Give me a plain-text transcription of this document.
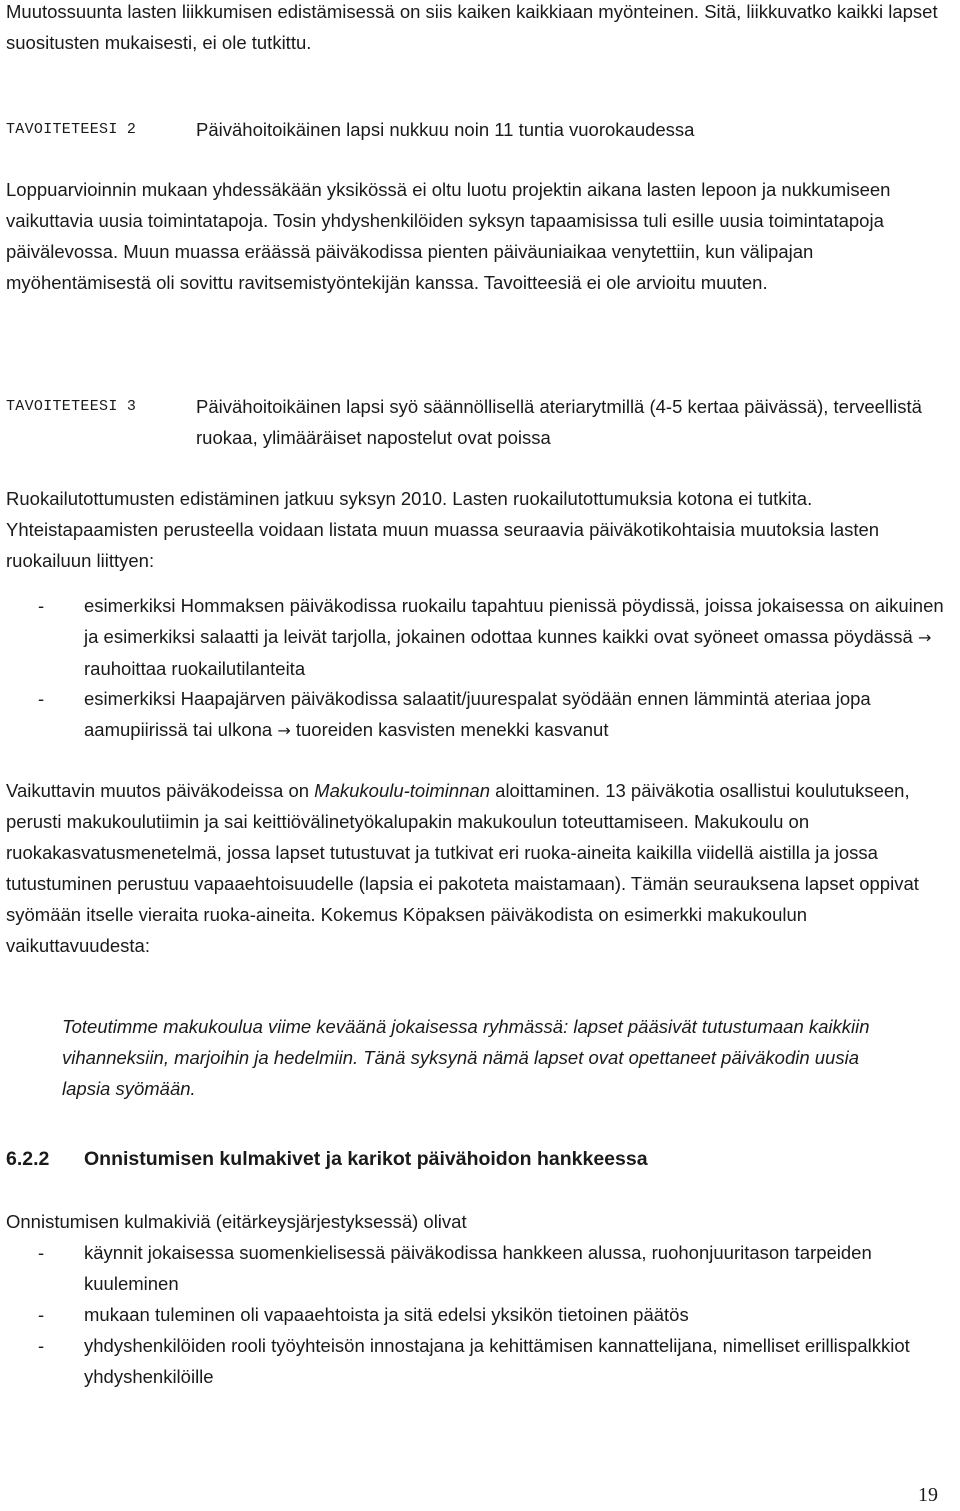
Muutossuunta lasten liikkumisen edistämisessä on siis kaiken kaikkiaan myönteinen. Sitä, liikkuvatko kaikki lapset suositusten mukaisesti, ei ole tutkittu.

TAVOITETEESI 2	Päivähoitoikäinen lapsi nukkuu noin 11 tuntia vuorokaudessa

Loppuarvioinnin mukaan yhdessäkään yksikössä ei oltu luotu projektin aikana lasten lepoon ja nukkumiseen vaikuttavia uusia toimintatapoja. Tosin yhdyshenkilöiden syksyn tapaamisissa tuli esille uusia toimintatapoja päivälevossa. Muun muassa eräässä päiväkodissa pienten päiväuniaikaa venytettiin, kun välipajan myöhentämisestä oli sovittu ravitsemistyöntekijän kanssa. Tavoitteesiä ei ole arvioitu muuten.

TAVOITETEESI 3	Päivähoitoikäinen lapsi syö säännöllisellä ateriarytmillä (4-5 kertaa päivässä), terveellistä ruokaa, ylimääräiset napostelut ovat poissa

Ruokailutottumusten edistäminen jatkuu syksyn 2010. Lasten ruokailutottumuksia kotona ei tutkita. Yhteistapaamisten perusteella voidaan listata muun muassa seuraavia päiväkotikohtaisia muutoksia lasten ruokailuun liittyen:

- esimerkiksi Hommaksen päiväkodissa ruokailu tapahtuu pienissä pöydissä, joissa jokaisessa on aikuinen ja esimerkiksi salaatti ja leivät tarjolla, jokainen odottaa kunnes kaikki ovat syöneet omassa pöydässä → rauhoittaa ruokailutilanteita
- esimerkiksi Haapajärven päiväkodissa salaatit/juurespalat syödään ennen lämmintä ateriaa jopa aamupiirissä tai ulkona → tuoreiden kasvisten menekki kasvanut

Vaikuttavin muutos päiväkodeissa on Makukoulu-toiminnan aloittaminen. 13 päiväkotia osallistui koulutukseen, perusti makukoulutiimin ja sai keittiövälinetyökalupakin makukoulun toteuttamiseen. Makukoulu on ruokakasvatusmenetelmä, jossa lapset tutustuvat ja tutkivat eri ruoka-aineita kaikilla viidellä aistilla ja jossa tutustuminen perustuu vapaaehtoisuudelle (lapsia ei pakoteta maistamaan). Tämän seurauksena lapset oppivat syömään itselle vieraita ruoka-aineita. Kokemus Köpaksen päiväkodista on esimerkki makukoulun vaikuttavuudesta:

Toteutimme makukoulua viime keväänä jokaisessa ryhmässä: lapset pääsivät tutustumaan kaikkiin vihanneksiin, marjoihin ja hedelmiin. Tänä syksynä nämä lapset ovat opettaneet päiväkodin uusia lapsia syömään.

6.2.2 Onnistumisen kulmakivet ja karikot päivähoidon hankkeessa

Onnistumisen kulmakiviä (eitärkeysjärjestyksessä) olivat

- käynnit jokaisessa suomenkielisessä päiväkodissa hankkeen alussa, ruohonjuuritason tarpeiden kuuleminen
- mukaan tuleminen oli vapaaehtoista ja sitä edelsi yksikön tietoinen päätös
- yhdyshenkilöiden rooli työyhteisön innostajana ja kehittämisen kannattelijana, nimelliset erillispalkkiot yhdyshenkilöille
19
